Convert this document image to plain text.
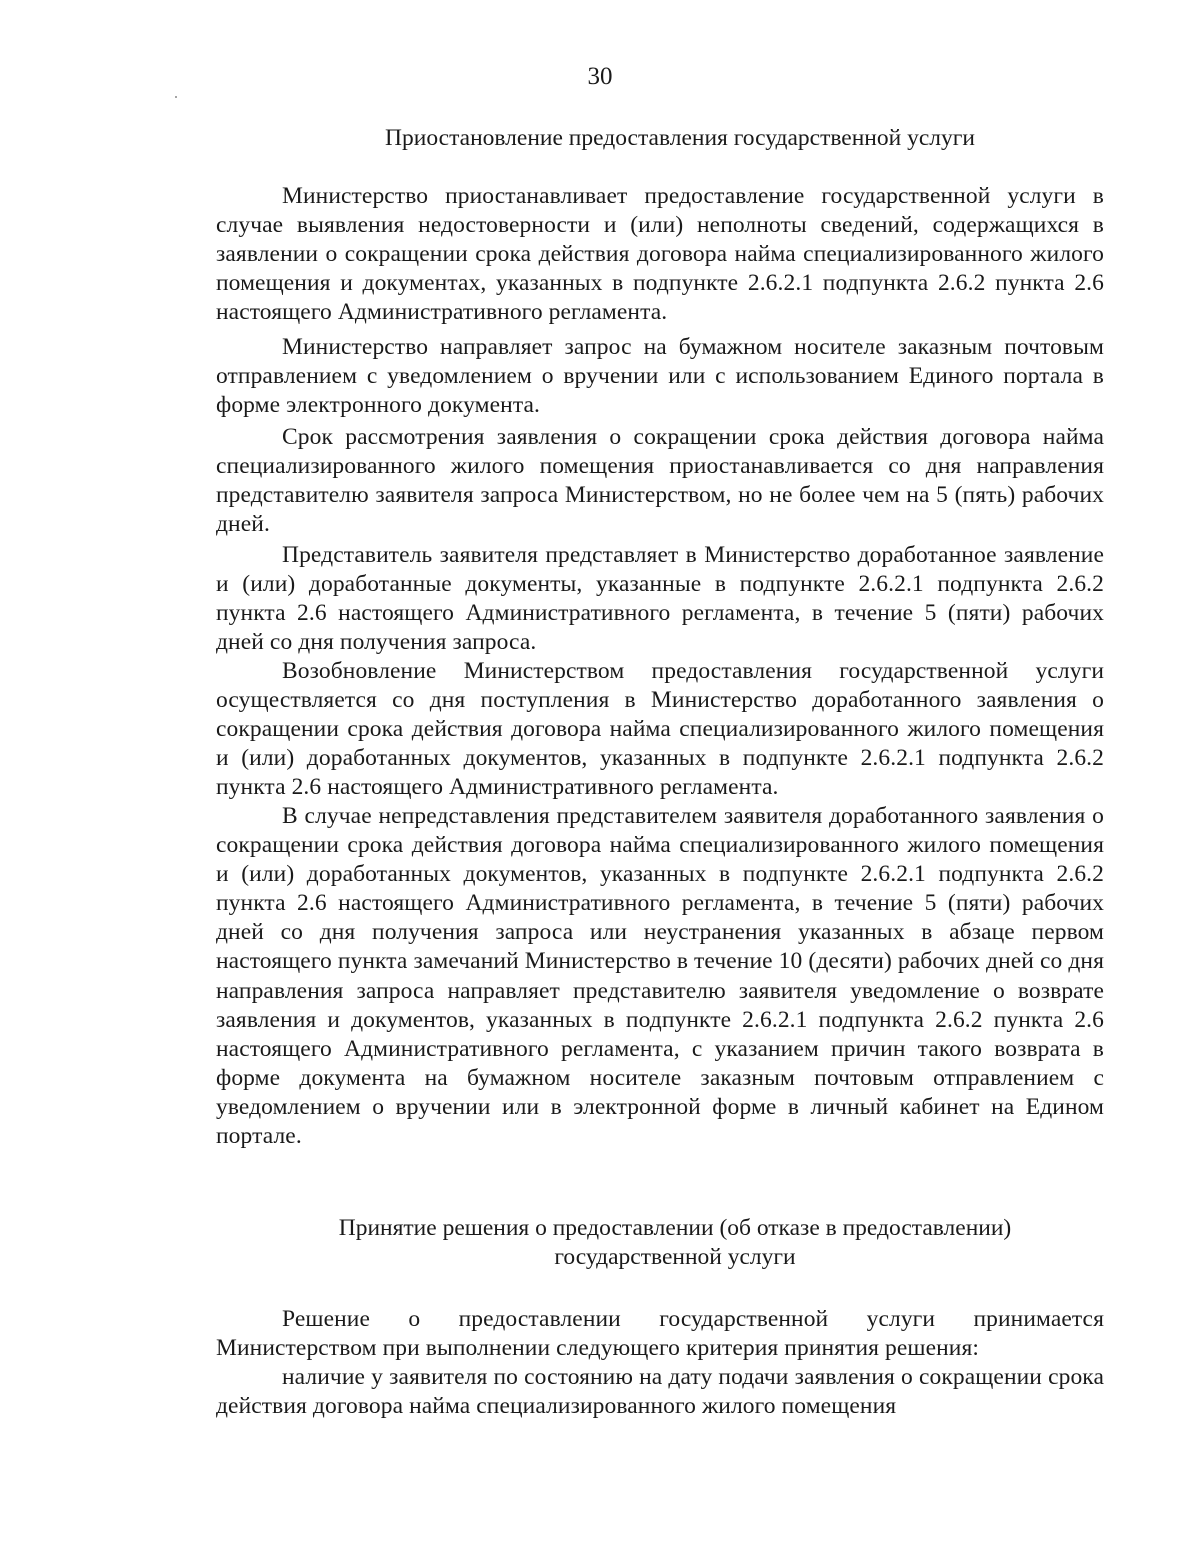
30
Приостановление предоставления государственной услуги

Министерство приостанавливает предоставление государственной услуги в случае выявления недостоверности и (или) неполноты сведений, содержащихся в заявлении о сокращении срока действия договора найма специализированного жилого помещения и документах, указанных в подпункте 2.6.2.1 подпункта 2.6.2 пункта 2.6 настоящего Административного регламента.

Министерство направляет запрос на бумажном носителе заказным почтовым отправлением с уведомлением о вручении или с использованием Единого портала в форме электронного документа.

Срок рассмотрения заявления о сокращении срока действия договора найма специализированного жилого помещения приостанавливается со дня направления представителю заявителя запроса Министерством, но не более чем на 5 (пять) рабочих дней.

Представитель заявителя представляет в Министерство доработанное заявление и (или) доработанные документы, указанные в подпункте 2.6.2.1 подпункта 2.6.2 пункта 2.6 настоящего Административного регламента, в течение 5 (пяти) рабочих дней со дня получения запроса.

Возобновление Министерством предоставления государственной услуги осуществляется со дня поступления в Министерство доработанного заявления о сокращении срока действия договора найма специализированного жилого помещения и (или) доработанных документов, указанных в подпункте 2.6.2.1 подпункта 2.6.2 пункта 2.6 настоящего Административного регламента.

В случае непредставления представителем заявителя доработанного заявления о сокращении срока действия договора найма специализированного жилого помещения и (или) доработанных документов, указанных в подпункте 2.6.2.1 подпункта 2.6.2 пункта 2.6 настоящего Административного регламента, в течение 5 (пяти) рабочих дней со дня получения запроса или неустранения указанных в абзаце первом настоящего пункта замечаний Министерство в течение 10 (десяти) рабочих дней со дня направления запроса направляет представителю заявителя уведомление о возврате заявления и документов, указанных в подпункте 2.6.2.1 подпункта 2.6.2 пункта 2.6 настоящего Административного регламента, с указанием причин такого возврата в форме документа на бумажном носителе заказным почтовым отправлением с уведомлением о вручении или в электронной форме в личный кабинет на Едином портале.

Принятие решения о предоставлении (об отказе в предоставлении)
государственной услуги

Решение о предоставлении государственной услуги принимается Министерством при выполнении следующего критерия принятия решения:

наличие у заявителя по состоянию на дату подачи заявления о сокращении срока действия договора найма специализированного жилого помещения
